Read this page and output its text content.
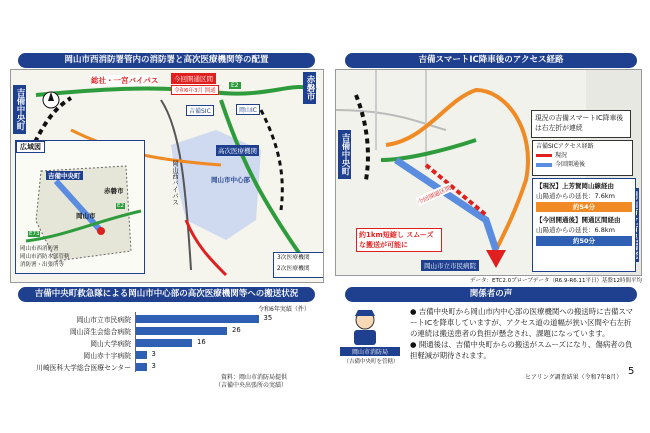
岡山市西消防署管内の消防署と高次医療機関等の配置
総社・一宮バイパス	今回開通区間
令和6年3月 開通
吉備SIC	岡山IC
E2
吉備中央町
赤磐市
岡山西バイパス	岡山市中心部
高次医療機関
広域図
吉備中央町
赤磐市
岡山市
E73
E2
岡山市西消防署
岡山市消防本部管轄
消防署・出張所等
3次医療機関
2次医療機関
吉備スマートIC降車後のアクセス経路
吉備中央町
現況の吉備スマートIC降車後は右左折が連続
吉備SICアクセス経路
現況
今回開通後
【現況】上芳賀岡山線経由
山陽道からの延長：7.6km
約54分
【今回開通後】開通区間経由
山陽道からの延長：6.8km
約50分
今回開通区間
約1km短縮し スムーズな搬送が可能に
岡山市立市民病院
データ：ETC2.0プローブデータ（R6.9-R6.11平日）基盤12時間平均
吉備中央町救急隊による岡山市中心部の高次医療機関等への搬送状況
令和6年実績（件）
岡山市立市民病院	35
岡山済生会総合病院	26
岡山大学病院	16
岡山赤十字病院	3
川崎医科大学総合医療センター	3
資料：岡山市消防局提供
（吉備中央出張所の実績）
関係者の声
岡山市消防局
（吉備中央町を管轄）
● 吉備中央町から岡山市内中心部の医療機関への搬送時に吉備スマートICを降車していますが、アクセス道の道幅が狭い区間や右左折の連続は搬送患者の負担が懸念され、課題になっています。
● 開通後は、吉備中央町からの搬送がスムーズになり、傷病者の負担軽減が期待されます。
ヒアリング調査結果（令和7年8月）
5
